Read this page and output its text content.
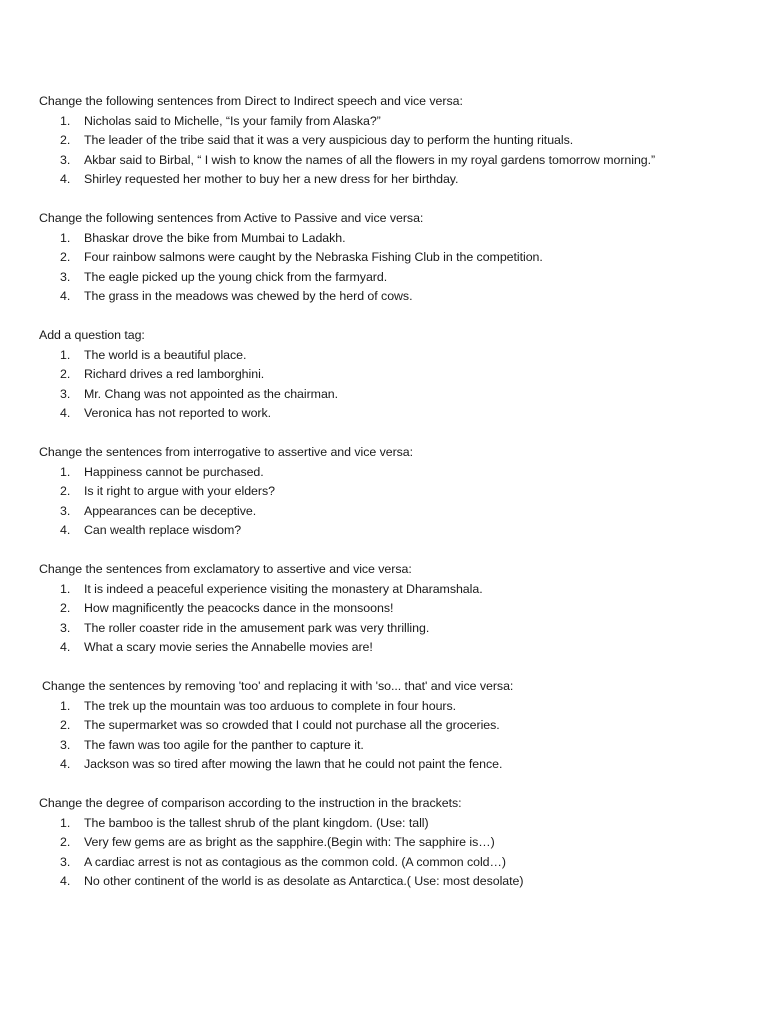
Change the following sentences from Direct to Indirect speech and vice versa:
1. Nicholas said to Michelle, “Is your family from Alaska?”
2. The leader of the tribe said that it was a very auspicious day to perform the hunting rituals.
3. Akbar said to Birbal, “ I wish to know the names of all the flowers in my royal gardens tomorrow morning.”
4. Shirley requested her mother to buy her a new dress for her birthday.
Change the following sentences from Active to Passive and vice versa:
1. Bhaskar drove the bike from Mumbai to Ladakh.
2. Four rainbow salmons were caught by the Nebraska Fishing Club in the competition.
3. The eagle picked up the young chick from the farmyard.
4. The grass in the meadows was chewed by the herd of cows.
Add a question tag:
1. The world is a beautiful place.
2. Richard drives a red lamborghini.
3. Mr. Chang was not appointed as the chairman.
4. Veronica has not reported to work.
Change the sentences from interrogative to assertive and vice versa:
1. Happiness cannot be purchased.
2. Is it right to argue with your elders?
3. Appearances can be deceptive.
4. Can wealth replace wisdom?
Change the sentences from exclamatory to assertive and vice versa:
1. It is indeed a peaceful experience visiting the monastery at Dharamshala.
2. How magnificently the peacocks dance in the monsoons!
3. The roller coaster ride in the amusement park was very thrilling.
4. What a scary movie series the Annabelle movies are!
Change the sentences by removing 'too' and replacing it with 'so... that' and vice versa:
1. The trek up the mountain was too arduous to complete in four hours.
2. The supermarket was so crowded that I could not purchase all the groceries.
3. The fawn was too agile for the panther to capture it.
4. Jackson was so tired after mowing the lawn that he could not paint the fence.
Change the degree of comparison according to the instruction in the brackets:
1. The bamboo is the tallest shrub of the plant kingdom. (Use: tall)
2. Very few gems are as bright as the sapphire.(Begin with: The sapphire is…)
3. A cardiac arrest is not as contagious as the common cold. (A common cold…)
4. No other continent of the world is as desolate as Antarctica.( Use: most desolate)
